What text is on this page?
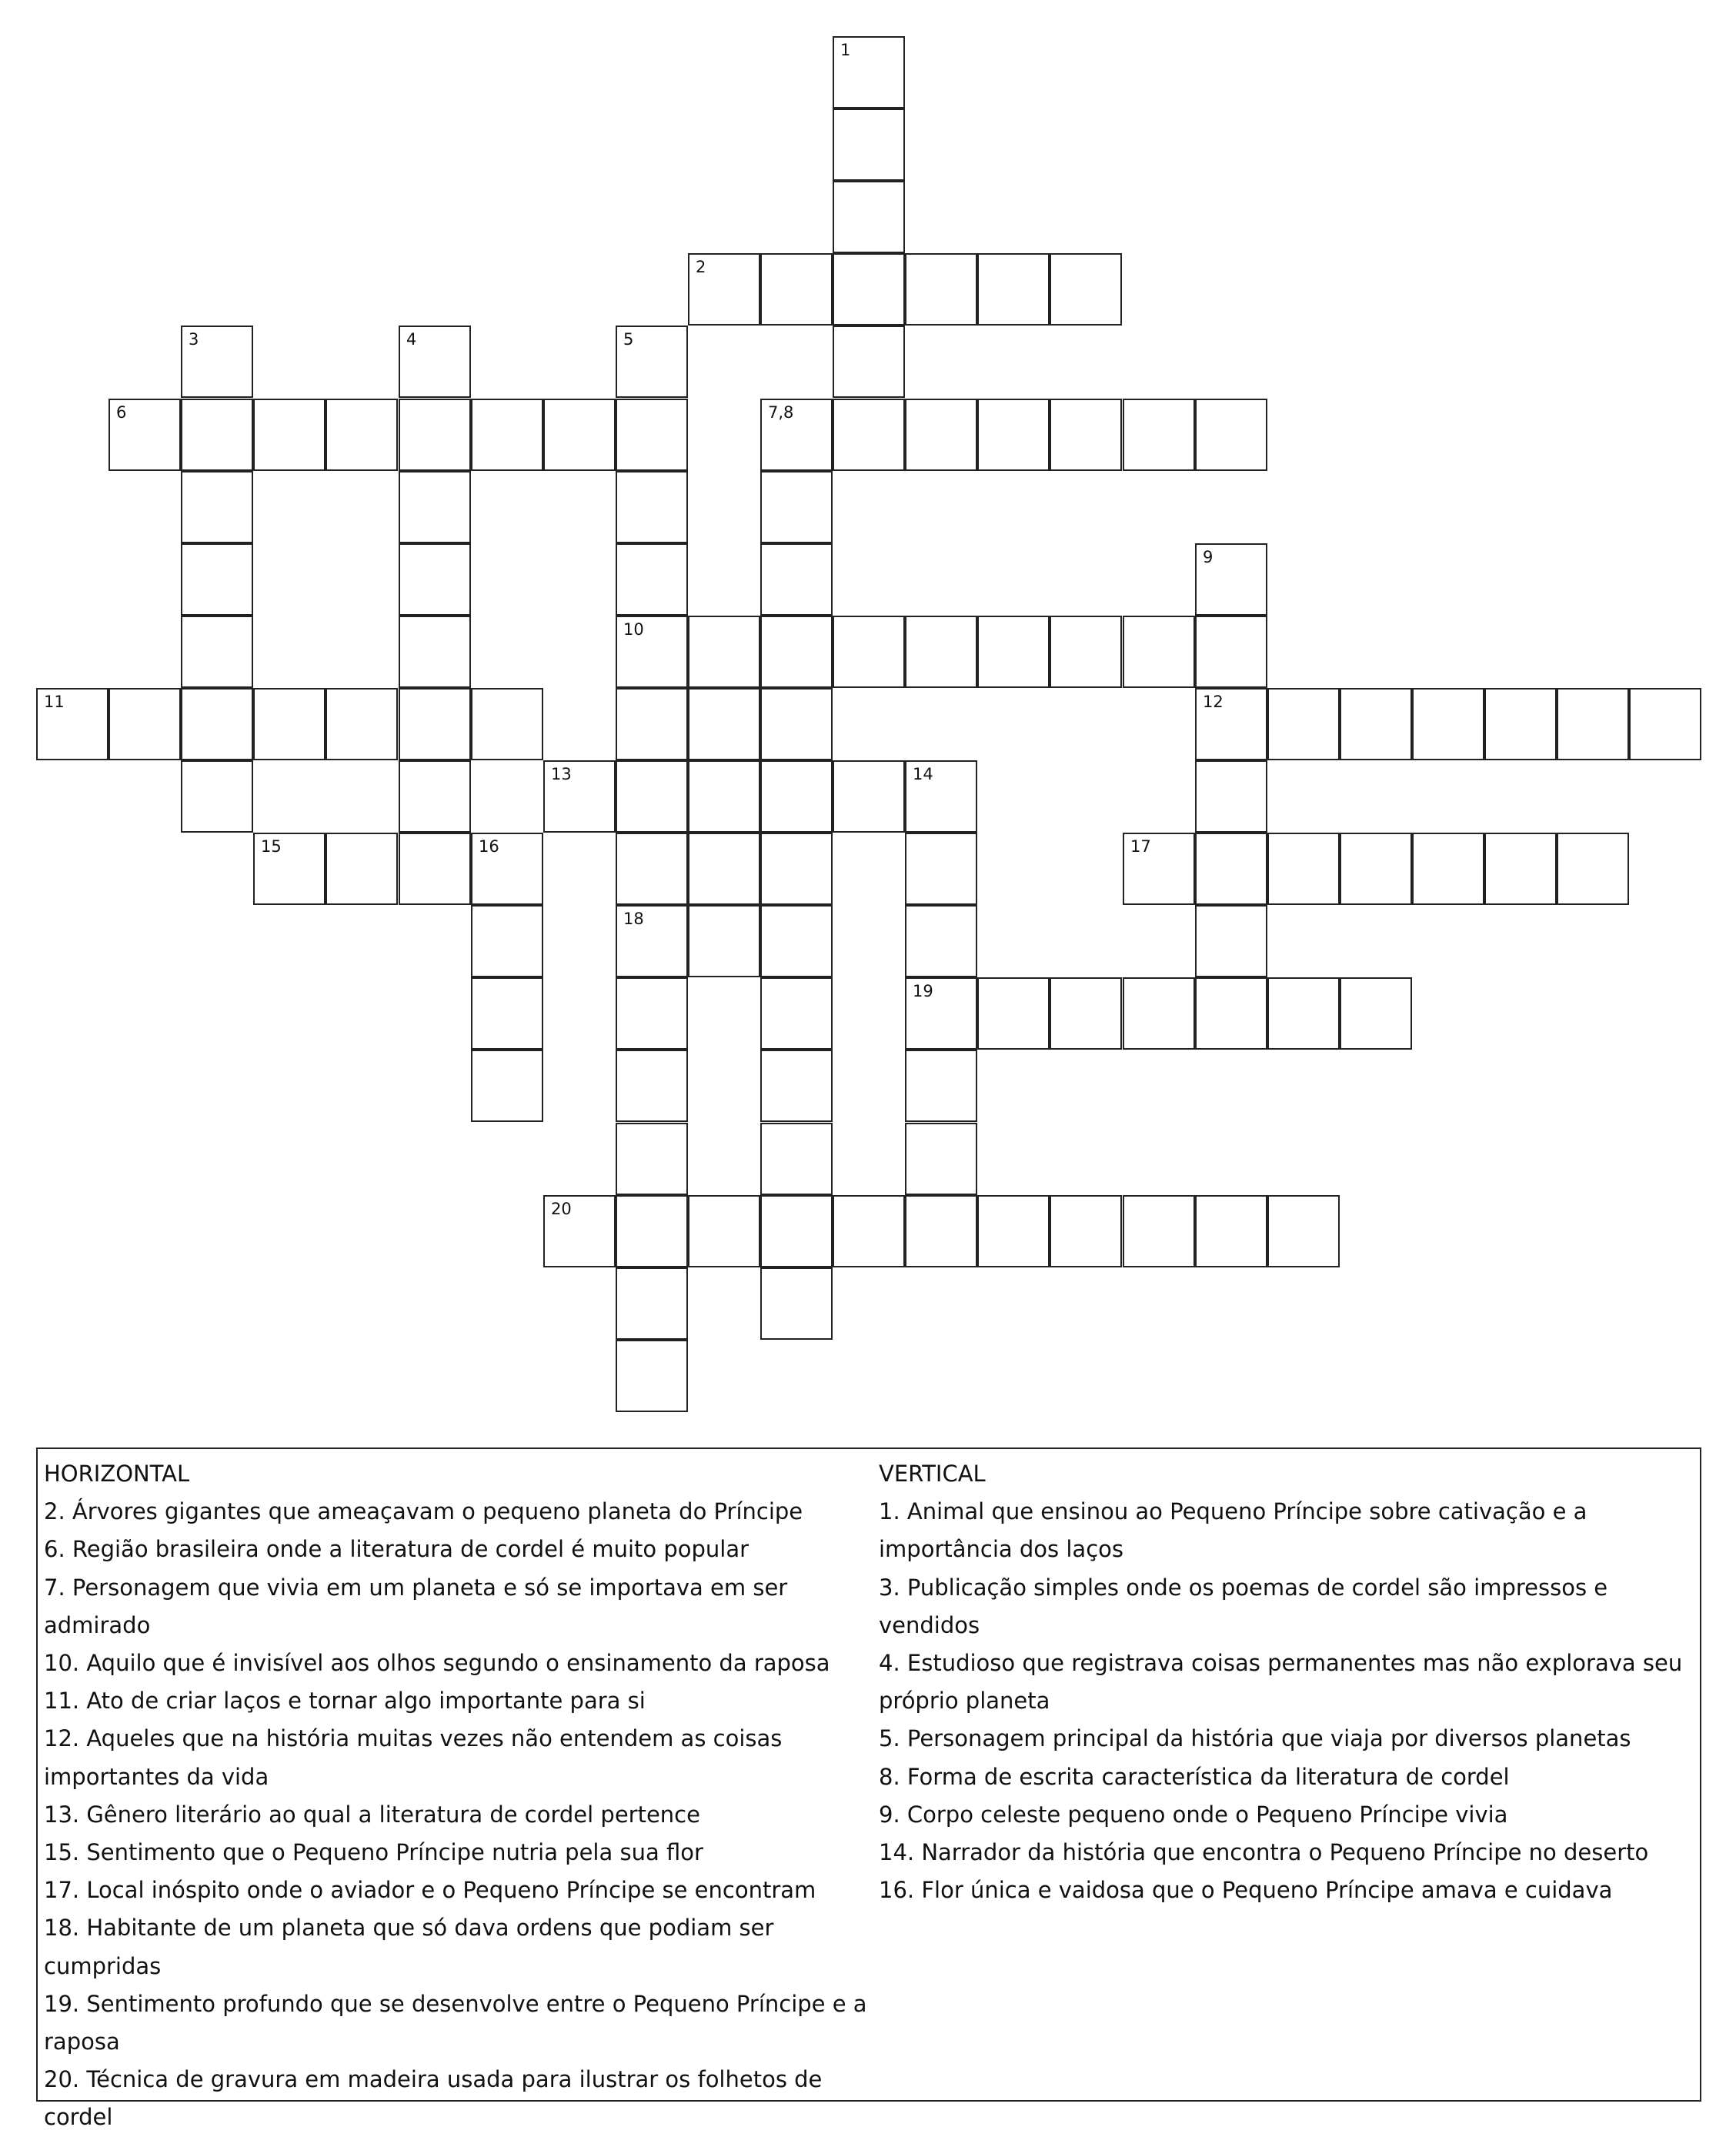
1
2
3	4	5
6	7,8
9
10
11	12
13	14
15	16	17
18
19
20
HORIZONTAL
2. Árvores gigantes que ameaçavam o pequeno planeta do Príncipe
6. Região brasileira onde a literatura de cordel é muito popular
7. Personagem que vivia em um planeta e só se importava em ser admirado
10. Aquilo que é invisível aos olhos segundo o ensinamento da raposa
11. Ato de criar laços e tornar algo importante para si
12. Aqueles que na história muitas vezes não entendem as coisas importantes da vida
13. Gênero literário ao qual a literatura de cordel pertence
15. Sentimento que o Pequeno Príncipe nutria pela sua flor
17. Local inóspito onde o aviador e o Pequeno Príncipe se encontram
18. Habitante de um planeta que só dava ordens que podiam ser cumpridas
19. Sentimento profundo que se desenvolve entre o Pequeno Príncipe e a raposa
20. Técnica de gravura em madeira usada para ilustrar os folhetos de cordel
VERTICAL
1. Animal que ensinou ao Pequeno Príncipe sobre cativação e a importância dos laços
3. Publicação simples onde os poemas de cordel são impressos e vendidos
4. Estudioso que registrava coisas permanentes mas não explorava seu próprio planeta
5. Personagem principal da história que viaja por diversos planetas
8. Forma de escrita característica da literatura de cordel
9. Corpo celeste pequeno onde o Pequeno Príncipe vivia
14. Narrador da história que encontra o Pequeno Príncipe no deserto
16. Flor única e vaidosa que o Pequeno Príncipe amava e cuidava
